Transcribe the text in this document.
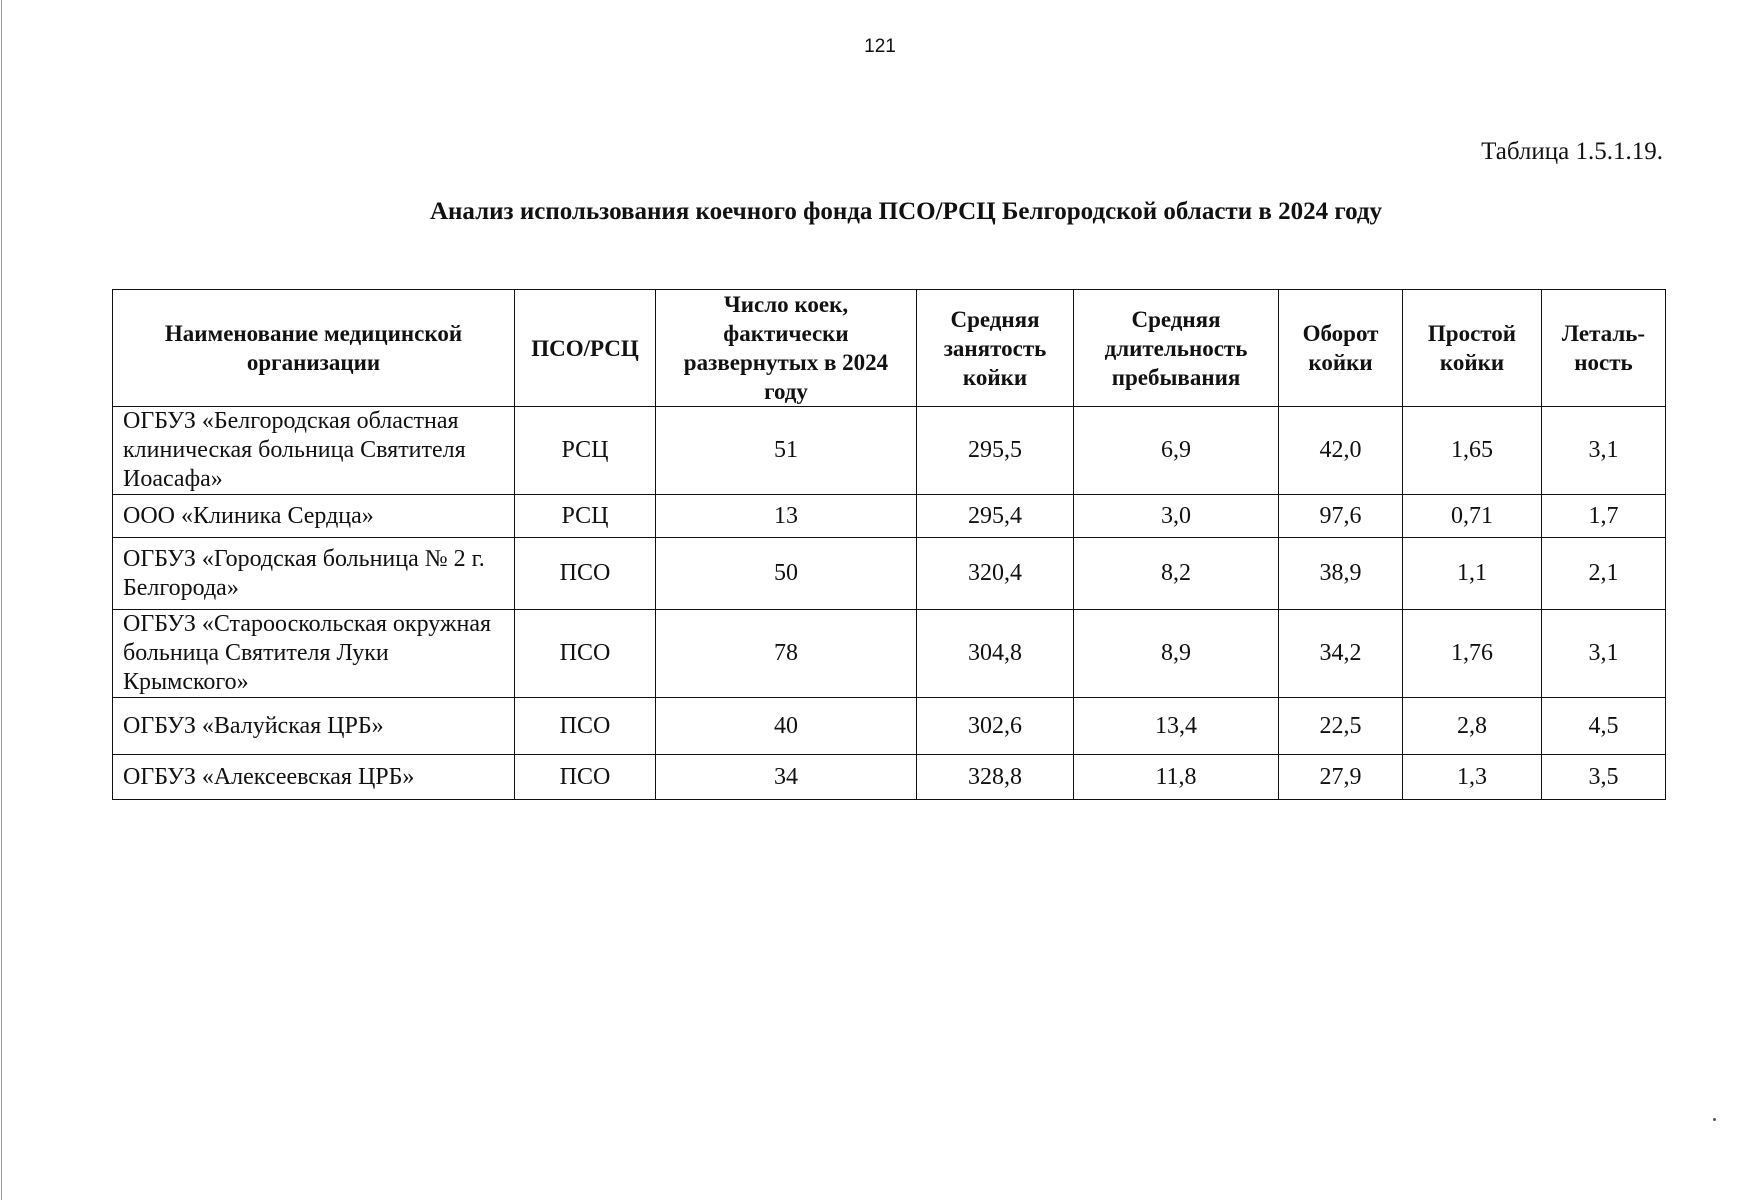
121
Таблица 1.5.1.19.
Анализ использования коечного фонда ПСО/РСЦ Белгородской области в 2024 году
Наименование медицинской организации	ПСО/РСЦ	Число коек, фактически развернутых в 2024 году	Средняя занятость койки	Средняя длительность пребывания	Оборот койки	Простой койки	Леталь-ность
ОГБУЗ «Белгородская областная клиническая больница Святителя Иоасафа»	РСЦ	51	295,5	6,9	42,0	1,65	3,1
ООО «Клиника Сердца»	РСЦ	13	295,4	3,0	97,6	0,71	1,7
ОГБУЗ «Городская больница № 2 г. Белгорода»	ПСО	50	320,4	8,2	38,9	1,1	2,1
ОГБУЗ «Старооскольская окружная больница Святителя Луки Крымского»	ПСО	78	304,8	8,9	34,2	1,76	3,1
ОГБУЗ «Валуйская ЦРБ»	ПСО	40	302,6	13,4	22,5	2,8	4,5
ОГБУЗ «Алексеевская ЦРБ»	ПСО	34	328,8	11,8	27,9	1,3	3,5
